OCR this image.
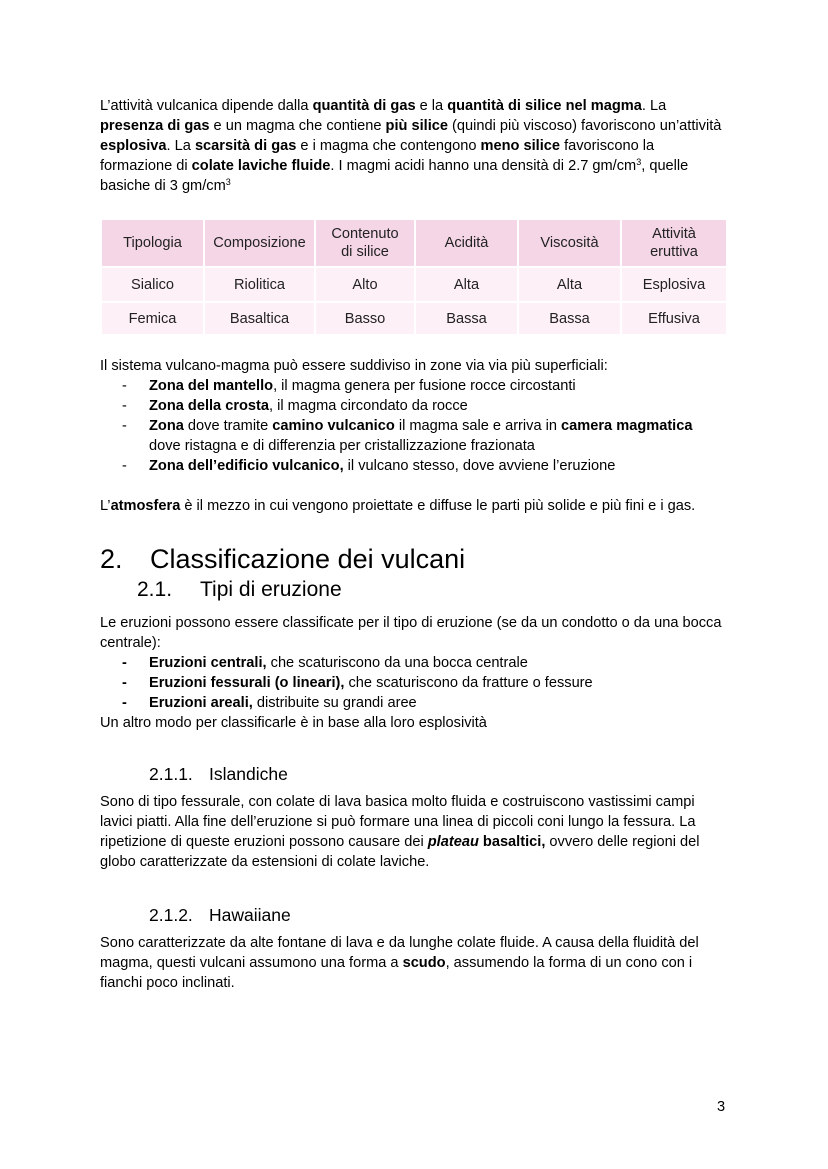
L’attività vulcanica dipende dalla quantità di gas e la quantità di silice nel magma. La presenza di gas e un magma che contiene più silice (quindi più viscoso) favoriscono un’attività esplosiva. La scarsità di gas e i magma che contengono meno silice favoriscono la formazione di colate laviche fluide. I magmi acidi hanno una densità di 2.7 $gm/cm^3$, quelle basiche di 3 $gm/cm^3$

Tipologia	Composizione	Contenuto di silice	Acidità	Viscosità	Attività eruttiva
Sialico	Riolitica	Alto	Alta	Alta	Esplosiva
Femica	Basaltica	Basso	Bassa	Bassa	Effusiva

Il sistema vulcano-magma può essere suddiviso in zone via via più superficiali:

- Zona del mantello, il magma genera per fusione rocce circostanti
- Zona della crosta, il magma circondato da rocce
- Zona dove tramite camino vulcanico il magma sale e arriva in camera magmatica dove ristagna e di differenzia per cristallizzazione frazionata
- Zona dell’edificio vulcanico, il vulcano stesso, dove avviene l’eruzione

L’atmosfera è il mezzo in cui vengono proiettate e diffuse le parti più solide e più fini e i gas.

2. Classificazione dei vulcani
2.1. Tipi di eruzione

Le eruzioni possono essere classificate per il tipo di eruzione (se da un condotto o da una bocca centrale):

- Eruzioni centrali, che scaturiscono da una bocca centrale
- Eruzioni fessurali (o lineari), che scaturiscono da fratture o fessure
- Eruzioni areali, distribuite su grandi aree

Un altro modo per classificarle è in base alla loro esplosività

2.1.1. Islandiche

Sono di tipo fessurale, con colate di lava basica molto fluida e costruiscono vastissimi campi lavici piatti. Alla fine dell’eruzione si può formare una linea di piccoli coni lungo la fessura. La ripetizione di queste eruzioni possono causare dei plateau basaltici, ovvero delle regioni del globo caratterizzate da estensioni di colate laviche.

2.1.2. Hawaiiane

Sono caratterizzate da alte fontane di lava e da lunghe colate fluide. A causa della fluidità del magma, questi vulcani assumono una forma a scudo, assumendo la forma di un cono con i fianchi poco inclinati.

3
